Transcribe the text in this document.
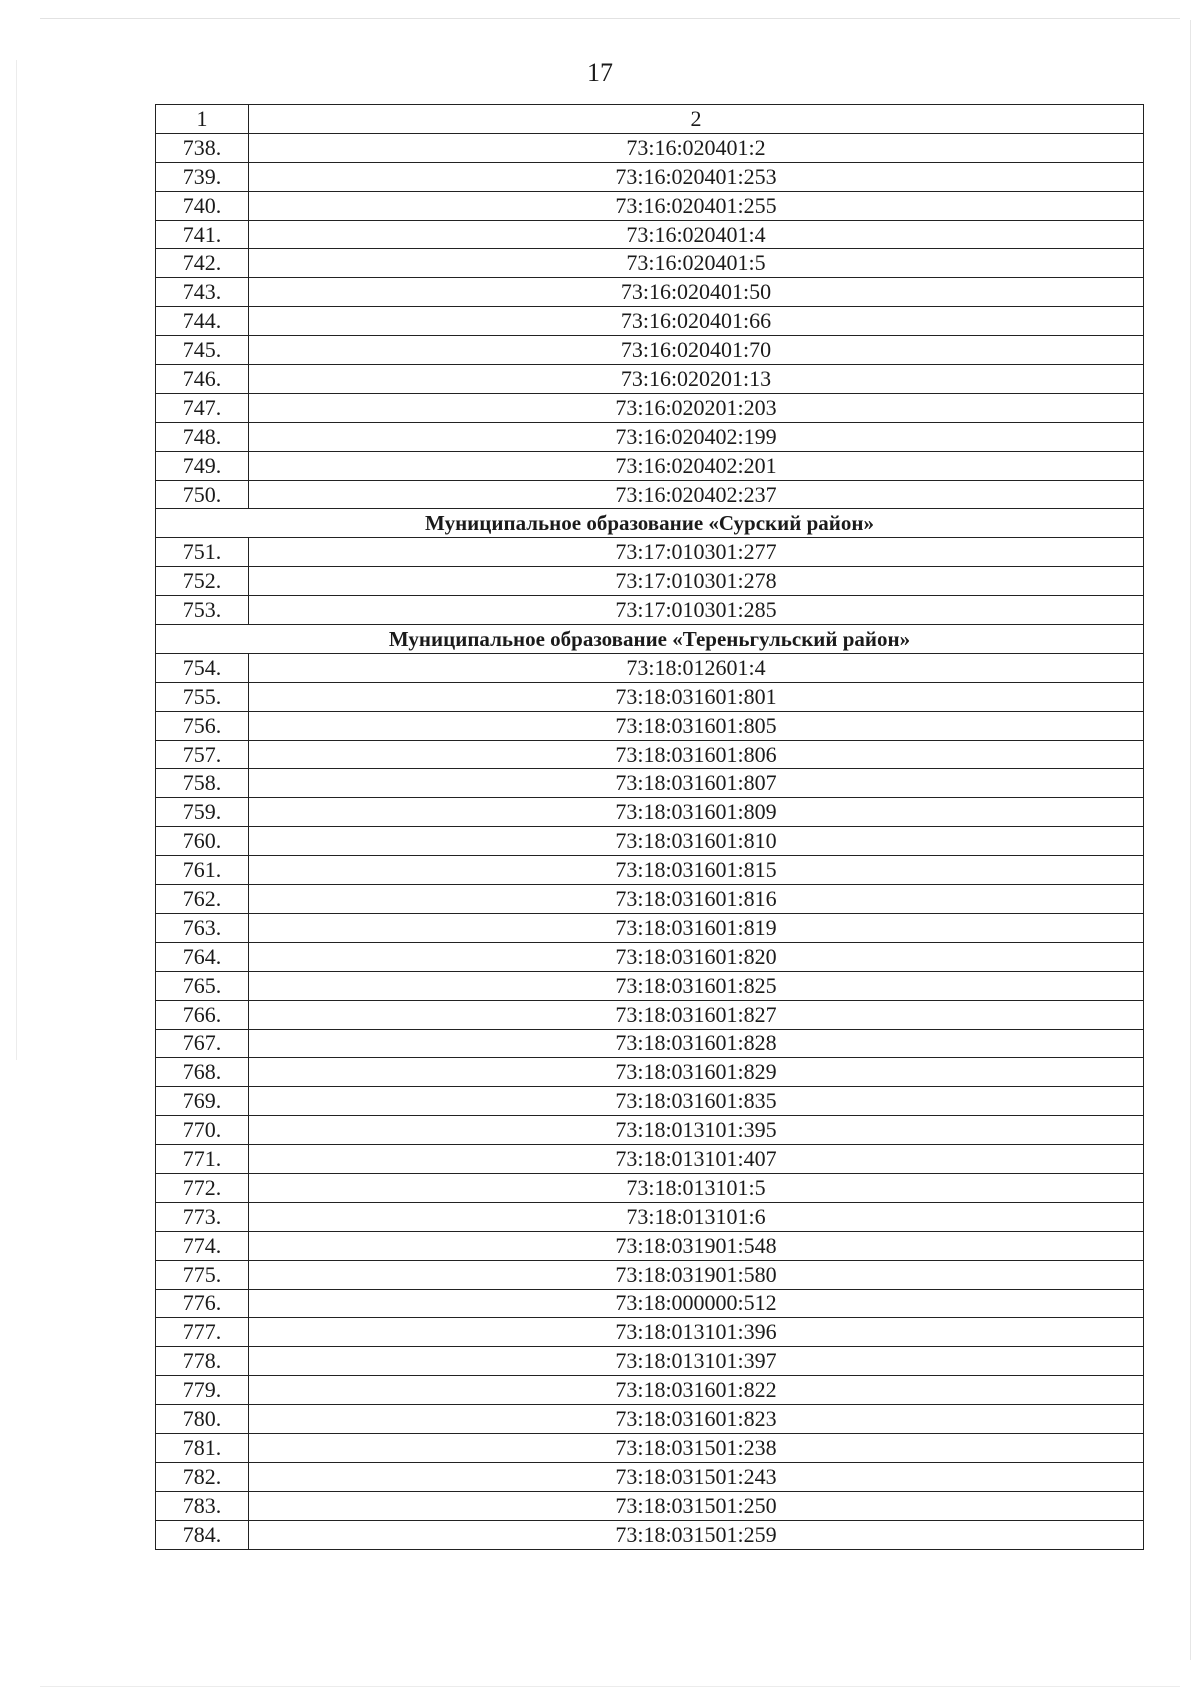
17
1	2
738.	73:16:020401:2
739.	73:16:020401:253
740.	73:16:020401:255
741.	73:16:020401:4
742.	73:16:020401:5
743.	73:16:020401:50
744.	73:16:020401:66
745.	73:16:020401:70
746.	73:16:020201:13
747.	73:16:020201:203
748.	73:16:020402:199
749.	73:16:020402:201
750.	73:16:020402:237
Муниципальное образование «Сурский район»	
751.	73:17:010301:277
752.	73:17:010301:278
753.	73:17:010301:285
Муниципальное образование «Тереньгульский район»	
754.	73:18:012601:4
755.	73:18:031601:801
756.	73:18:031601:805
757.	73:18:031601:806
758.	73:18:031601:807
759.	73:18:031601:809
760.	73:18:031601:810
761.	73:18:031601:815
762.	73:18:031601:816
763.	73:18:031601:819
764.	73:18:031601:820
765.	73:18:031601:825
766.	73:18:031601:827
767.	73:18:031601:828
768.	73:18:031601:829
769.	73:18:031601:835
770.	73:18:013101:395
771.	73:18:013101:407
772.	73:18:013101:5
773.	73:18:013101:6
774.	73:18:031901:548
775.	73:18:031901:580
776.	73:18:000000:512
777.	73:18:013101:396
778.	73:18:013101:397
779.	73:18:031601:822
780.	73:18:031601:823
781.	73:18:031501:238
782.	73:18:031501:243
783.	73:18:031501:250
784.	73:18:031501:259
